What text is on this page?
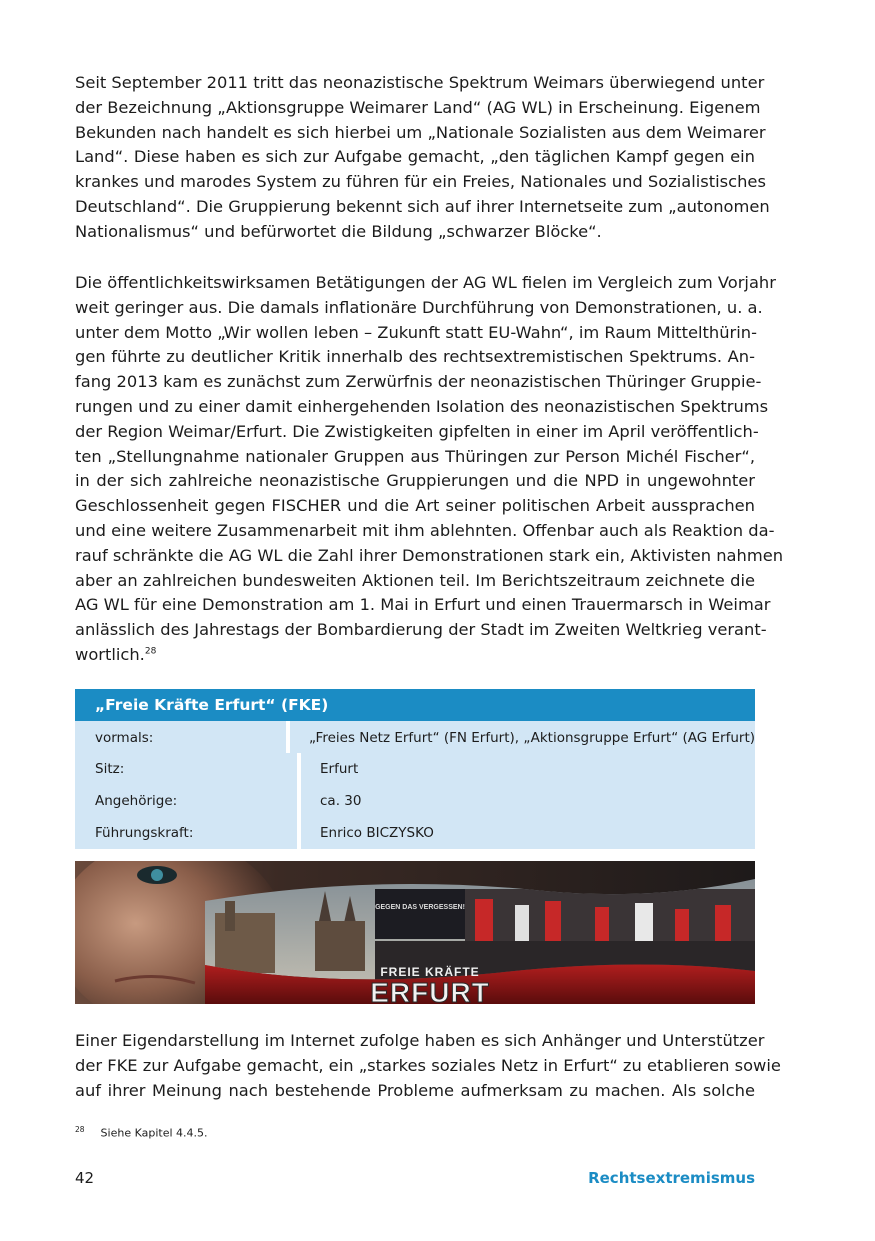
Seit September 2011 tritt das neonazistische Spektrum Weimars überwiegend unter
der Bezeichnung „Aktionsgruppe Weimarer Land“ (AG WL) in Erscheinung. Eigenem
Bekunden nach handelt es sich hierbei um „Nationale Sozialisten aus dem Weimarer
Land“. Diese haben es sich zur Aufgabe gemacht, „den täglichen Kampf gegen ein
krankes und marodes System zu führen für ein Freies, Nationales und Sozialistisches
Deutschland“. Die Gruppierung bekennt sich auf ihrer Internetseite zum „autonomen
Nationalismus“ und befürwortet die Bildung „schwarzer Blöcke“.
Die öffentlichkeitswirksamen Betätigungen der AG WL fielen im Vergleich zum Vorjahr
weit geringer aus. Die damals inflationäre Durchführung von Demonstrationen, u. a.
unter dem Motto „Wir wollen leben – Zukunft statt EU-Wahn“, im Raum Mittelthürin-
gen führte zu deutlicher Kritik innerhalb des rechtsextremistischen Spektrums. An-
fang 2013 kam es zunächst zum Zerwürfnis der neonazistischen Thüringer Gruppie-
rungen und zu einer damit einhergehenden Isolation des neonazistischen Spektrums
der Region Weimar/Erfurt. Die Zwistigkeiten gipfelten in einer im April veröffentlich-
ten „Stellungnahme nationaler Gruppen aus Thüringen zur Person Michél Fischer“,
in der sich zahlreiche neonazistische Gruppierungen und die NPD in ungewohnter
Geschlossenheit gegen FISCHER und die Art seiner politischen Arbeit aussprachen
und eine weitere Zusammenarbeit mit ihm ablehnten. Offenbar auch als Reaktion da-
rauf schränkte die AG WL die Zahl ihrer Demonstrationen stark ein, Aktivisten nahmen
aber an zahlreichen bundesweiten Aktionen teil. Im Berichtszeitraum zeichnete die
AG WL für eine Demonstration am 1. Mai in Erfurt und einen Trauermarsch in Weimar
anlässlich des Jahrestags der Bombardierung der Stadt im Zweiten Weltkrieg verant-
wortlich.$^{28}$
„Freie Kräfte Erfurt“ (FKE)
vormals:	„Freies Netz Erfurt“ (FN Erfurt), „Aktionsgruppe Erfurt“ (AG Erfurt)
Sitz:	Erfurt
Angehörige:	ca. 30
Führungskraft:	Enrico BICZYSKO
GEGEN DAS VERGESSEN!
FREIE KRÄFTE
ERFURT
Einer Eigendarstellung im Internet zufolge haben es sich Anhänger und Unterstützer
der FKE zur Aufgabe gemacht, ein „starkes soziales Netz in Erfurt“ zu etablieren sowie
auf ihrer Meinung nach bestehende Probleme aufmerksam zu machen. Als solche
$^{28}$ Siehe Kapitel 4.4.5.
42	Rechtsextremismus
